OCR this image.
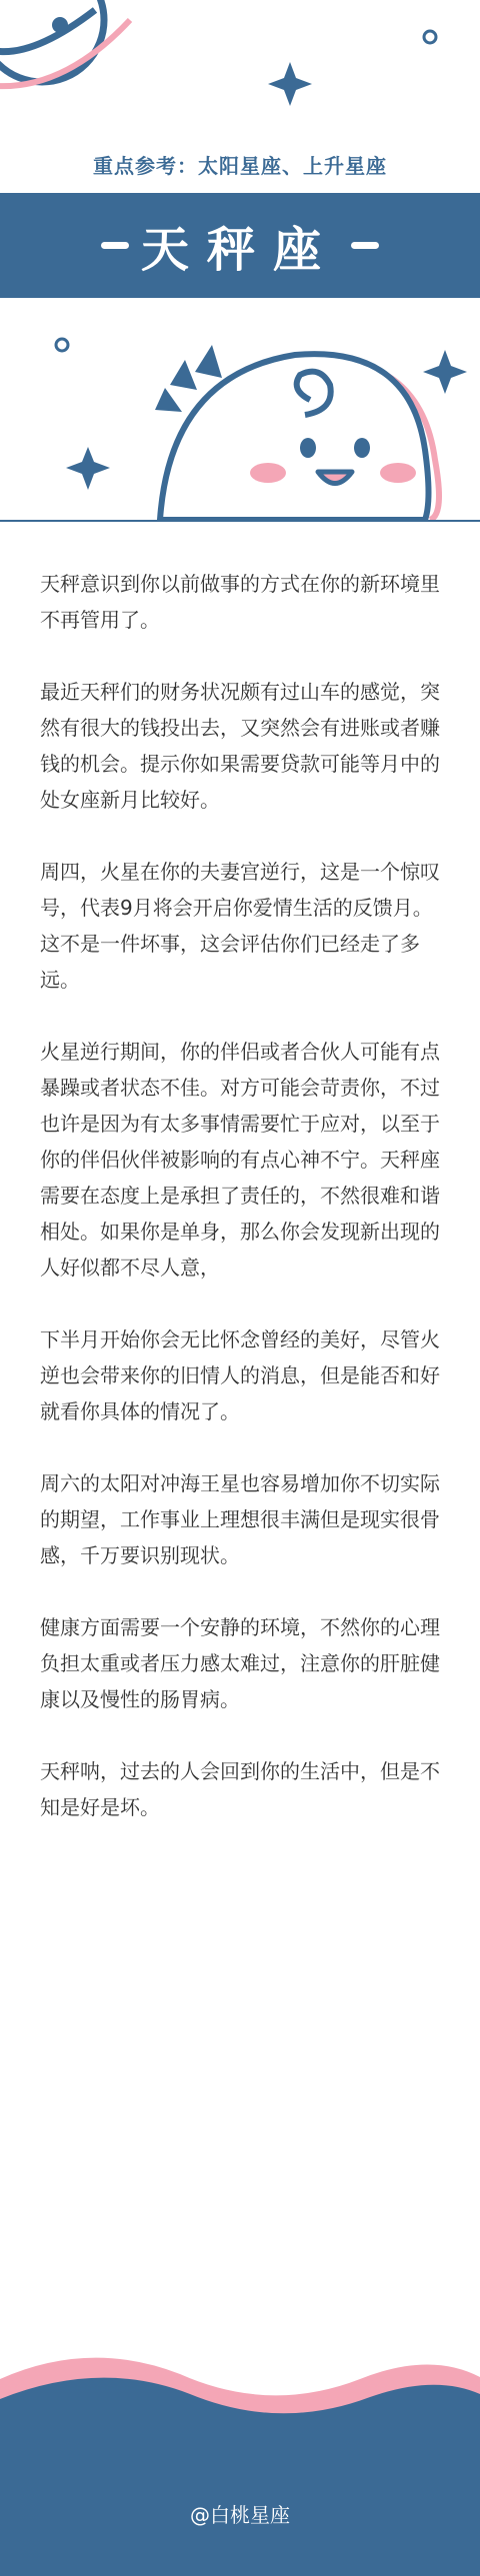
重点参考：太阳星座、上升星座
天秤座

天秤意识到你以前做事的方式在你的新环境里不再管用了。

最近天秤们的财务状况颇有过山车的感觉，突然有很大的钱投出去，又突然会有进账或者赚钱的机会。提示你如果需要贷款可能等月中的处女座新月比较好。

周四，火星在你的夫妻宫逆行，这是一个惊叹号，代表9月将会开启你爱情生活的反馈月。这不是一件坏事，这会评估你们已经走了多远。

火星逆行期间，你的伴侣或者合伙人可能有点暴躁或者状态不佳。对方可能会苛责你，不过也许是因为有太多事情需要忙于应对，以至于你的伴侣伙伴被影响的有点心神不宁。天秤座需要在态度上是承担了责任的，不然很难和谐相处。如果你是单身，那么你会发现新出现的人好似都不尽人意，

下半月开始你会无比怀念曾经的美好，尽管火逆也会带来你的旧情人的消息，但是能否和好就看你具体的情况了。

周六的太阳对冲海王星也容易增加你不切实际的期望，工作事业上理想很丰满但是现实很骨感，千万要识别现状。

健康方面需要一个安静的环境，不然你的心理负担太重或者压力感太难过，注意你的肝脏健康以及慢性的肠胃病。

天秤呐，过去的人会回到你的生活中，但是不知是好是坏。

@白桃星座
